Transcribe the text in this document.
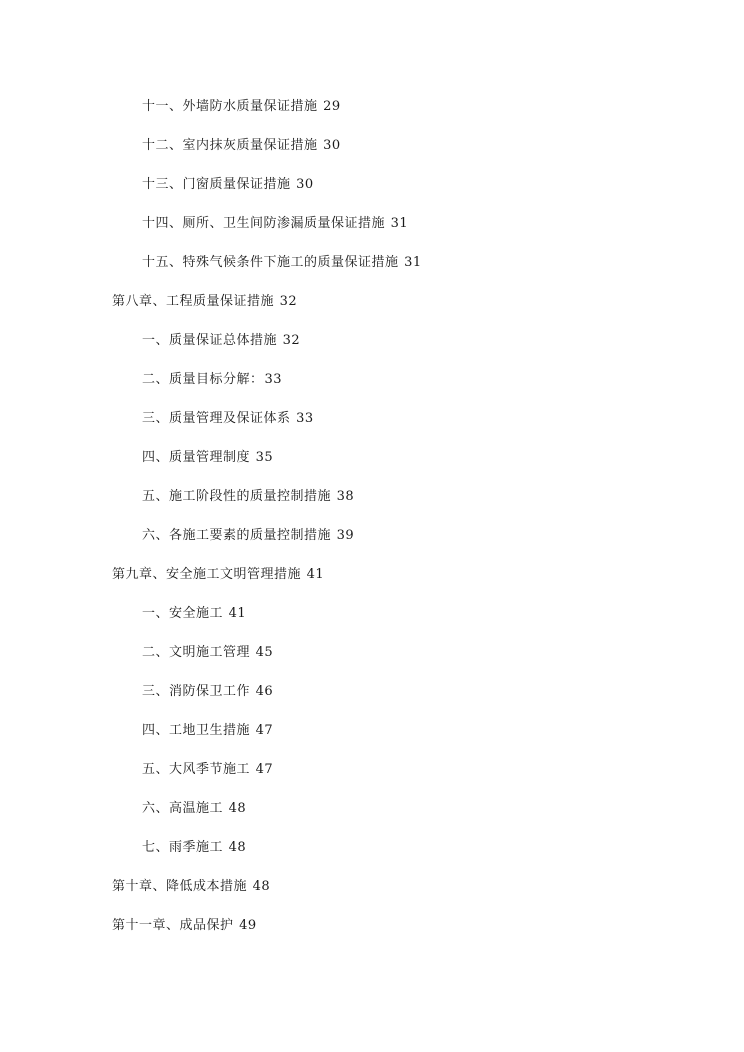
十一、外墙防水质量保证措施 29
十二、室内抹灰质量保证措施 30
十三、门窗质量保证措施 30
十四、厕所、卫生间防渗漏质量保证措施 31
十五、特殊气候条件下施工的质量保证措施 31
第八章、工程质量保证措施 32
一、质量保证总体措施 32
二、质量目标分解：33
三、质量管理及保证体系 33
四、质量管理制度 35
五、施工阶段性的质量控制措施 38
六、各施工要素的质量控制措施 39
第九章、安全施工文明管理措施 41
一、安全施工 41
二、文明施工管理 45
三、消防保卫工作 46
四、工地卫生措施 47
五、大风季节施工 47
六、高温施工 48
七、雨季施工 48
第十章、降低成本措施 48
第十一章、成品保护 49
